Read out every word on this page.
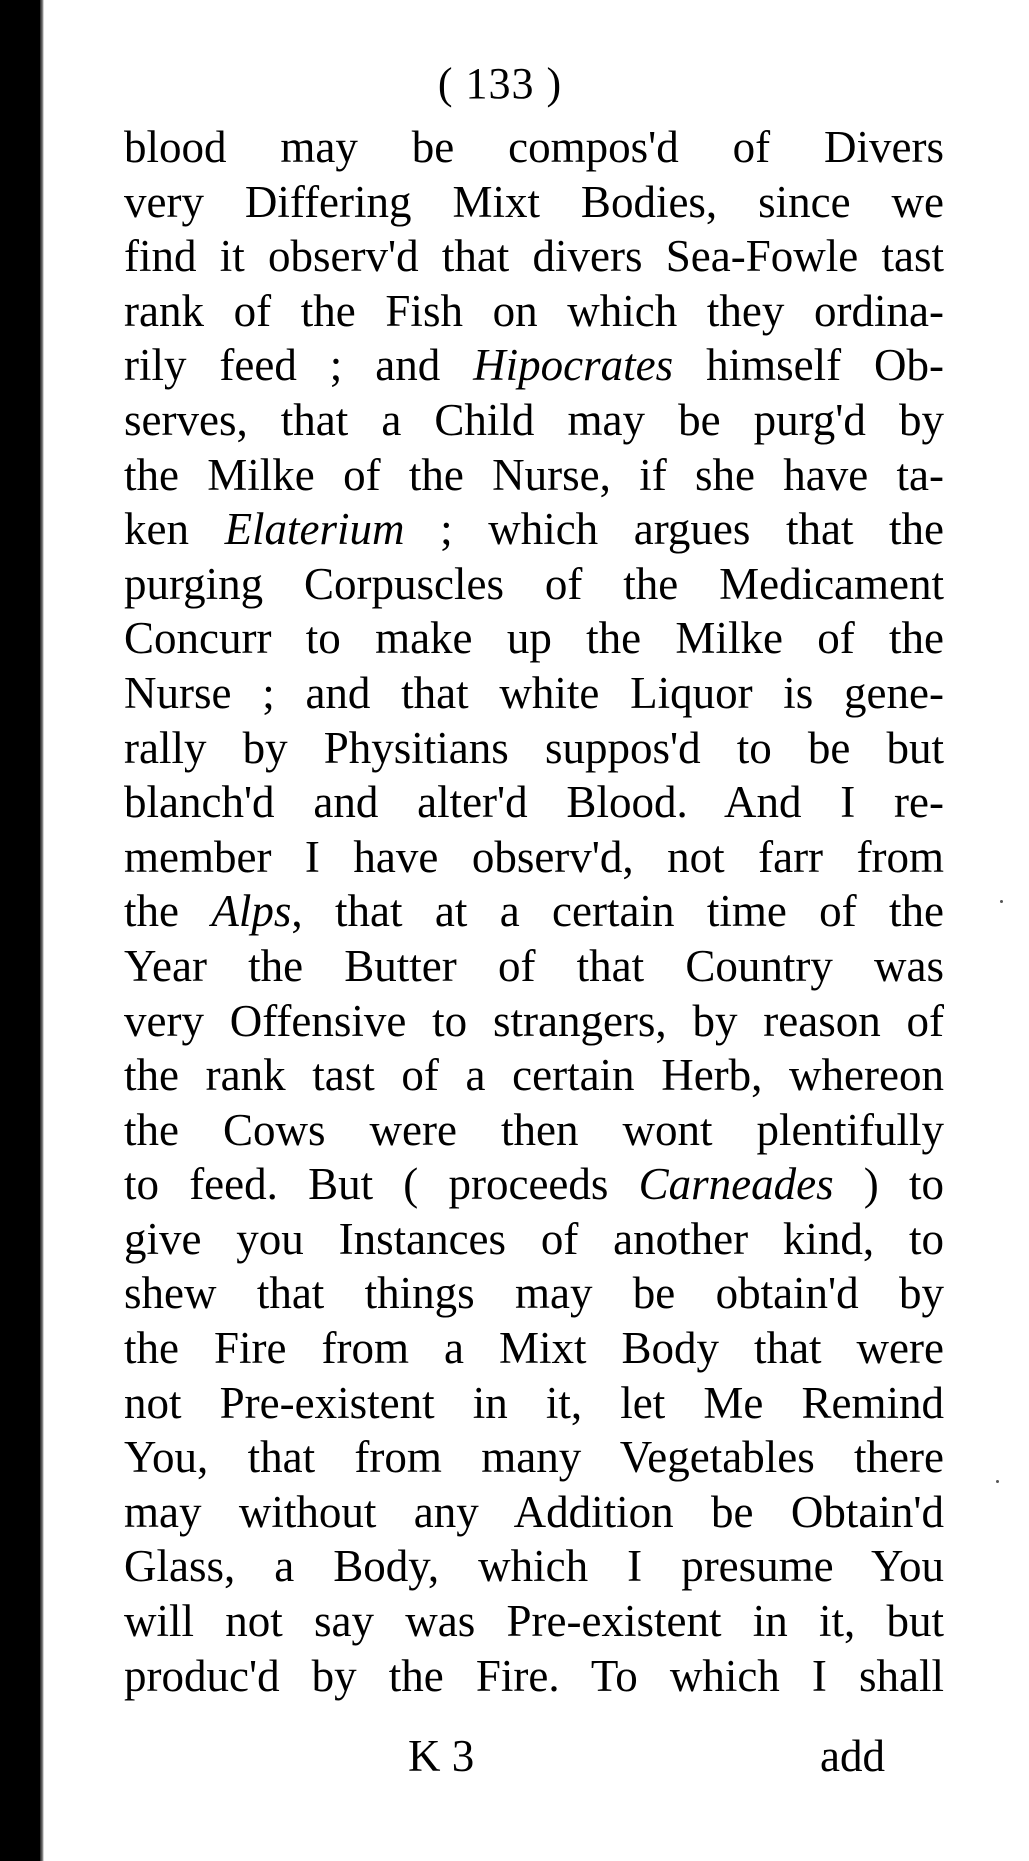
( 133 )
blood may be compos'd of Divers
very Differing Mixt Bodies, since we
find it observ'd that divers Sea-Fowle tast
rank of the Fish on which they ordina-
rily feed ; and Hipocrates himself Ob-
serves, that a Child may be purg'd by
the Milke of the Nurse, if she have ta-
ken Elaterium ; which argues that the
purging Corpuscles of the Medicament
Concurr to make up the Milke of the
Nurse ; and that white Liquor is gene-
rally by Physitians suppos'd to be but
blanch'd and alter'd Blood. And I re-
member I have observ'd, not farr from
the Alps, that at a certain time of the
Year the Butter of that Country was
very Offensive to strangers, by reason of
the rank tast of a certain Herb, whereon
the Cows were then wont plentifully
to feed. But ( proceeds Carneades ) to
give you Instances of another kind, to
shew that things may be obtain'd by
the Fire from a Mixt Body that were
not Pre-existent in it, let Me Remind
You, that from many Vegetables there
may without any Addition be Obtain'd
Glass, a Body, which I presume You
will not say was Pre-existent in it, but
produc'd by the Fire. To which I shall
K 3	add
